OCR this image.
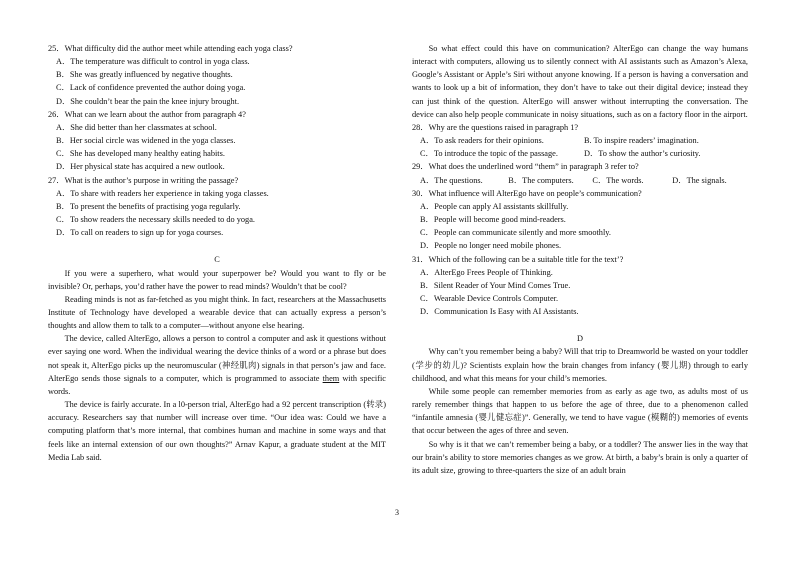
25．What difficulty did the author meet while attending each yoga class?

A．The temperature was difficult to control in yoga class.

B．She was greatly influenced by negative thoughts.

C．Lack of confidence prevented the author doing yoga.

D．She couldn’t bear the pain the knee injury brought.

26．What can we learn about the author from paragraph 4?

A．She did better than her classmates at school.

B．Her social circle was widened in the yoga classes.

C．She has developed many healthy eating habits.

D．Her physical state has acquired a new outlook.

27．What is the author’s purpose in writing the passage?

A．To share with readers her experience in taking yoga classes.

B．To present the benefits of practising yoga regularly.

C．To show readers the necessary skills needed to do yoga.

D．To call on readers to sign up for yoga courses.

C

If you were a superhero, what would your superpower be? Would you want to fly or be invisible? Or, perhaps, you’d rather have the power to read minds? Wouldn’t that be cool?

Reading minds is not as far-fetched as you might think. In fact, researchers at the Massachusetts Institute of Technology have developed a wearable device that can actually express a person’s thoughts and allow them to talk to a computer—without anyone else hearing.

The device, called AlterEgo, allows a person to control a computer and ask it questions without ever saying one word. When the individual wearing the device thinks of a word or a phrase but does not speak it, AlterEgo picks up the neuromuscular (神经肌肉) signals in that person’s jaw and face. AlterEgo sends those signals to a computer, which is programmed to associate them with specific words.

The device is fairly accurate. In a l0-person trial, AlterEgo had a 92 percent transcription (转录) accuracy. Researchers say that number will increase over time. “Our idea was: Could we have a computing platform that’s more internal, that combines human and machine in some ways and that feels like an internal extension of our own thoughts?” Arnav Kapur, a graduate student at the MIT Media Lab said.

So what effect could this have on communication? AlterEgo can change the way humans interact with computers, allowing us to silently connect with AI assistants such as Amazon’s Alexa, Google’s Assistant or Apple’s Siri without anyone knowing. If a person is having a conversation and wants to look up a bit of information, they don’t have to take out their digital device; instead they can just think of the question. AlterEgo will answer without interrupting the conversation. The device can also help people communicate in noisy situations, such as on a factory floor in the airport.

28．Why are the questions raised in paragraph 1?

A．To ask readers for their opinions.	B. To inspire readers’ imagination.
C．To introduce the topic of the passage.	D．To show the author’s curiosity.

29．What does the underlined word “them” in paragraph 3 refer to?

A．The questions.	B．The computers.	C．The words.	D．The signals.

30．What influence will AlterEgo have on people’s communication?

A．People can apply AI assistants skillfully.

B．People will become good mind-readers.

C．People can communicate silently and more smoothly.

D．People no longer need mobile phones.

31．Which of the following can be a suitable title for the text’?

A．AlterEgo Frees People of Thinking.

B．Silent Reader of Your Mind Comes True.

C．Wearable Device Controls Computer.

D．Communication Is Easy with AI Assistants.

D

Why can’t you remember being a baby? Will that trip to Dreamworld be wasted on your toddler (学步的幼儿)? Scientists explain how the brain changes from infancy (婴儿期) through to early childhood, and what this means for your child’s memories.

While some people can remember memories from as early as age two, as adults most of us rarely remember things that happen to us before the age of three, due to a phenomenon called “infantile amnesia (婴儿健忘症)”. Generally, we tend to have vague (模糊的) memories of events that occur between the ages of three and seven.

So why is it that we can’t remember being a baby, or a toddler? The answer lies in the way that our brain’s ability to store memories changes as we grow. At birth, a baby’s brain is only a quarter of its adult size, growing to three-quarters the size of an adult brain

3
